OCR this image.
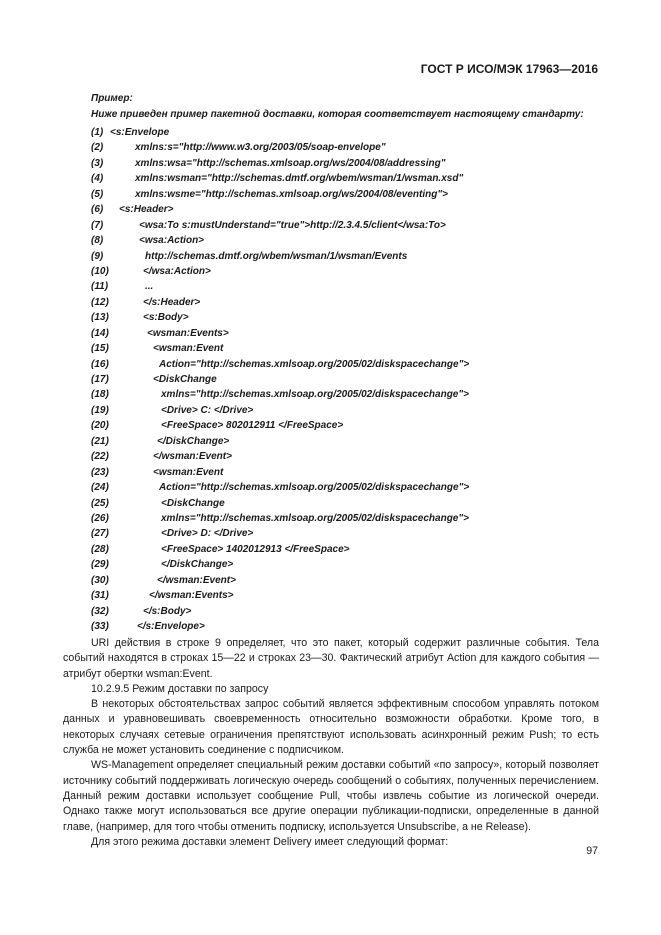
ГОСТ Р ИСО/МЭК 17963—2016
Пример:
Ниже приведен пример пакетной доставки, которая соответствует настоящему стандарту:
(1) <s:Envelope
(2)	xmlns:s="http://www.w3.org/2003/05/soap-envelope"
(3)	xmlns:wsa="http://schemas.xmlsoap.org/ws/2004/08/addressing"
(4)	xmlns:wsman="http://schemas.dmtf.org/wbem/wsman/1/wsman.xsd"
(5)	xmlns:wsme="http://schemas.xmlsoap.org/ws/2004/08/eventing">
(6) <s:Header>
(7)	<wsa:To s:mustUnderstand="true">http://2.3.4.5/client</wsa:To>
(8)	<wsa:Action>
(9)	http://schemas.dmtf.org/wbem/wsman/1/wsman/Events
(10)	</wsa:Action>
(11)	...
(12)	</s:Header>
(13)	<s:Body>
(14)	<wsman:Events>
(15)	<wsman:Event
(16)	Action="http://schemas.xmlsoap.org/2005/02/diskspacechange">
(17)	<DiskChange
(18)	xmlns="http://schemas.xmlsoap.org/2005/02/diskspacechange">
(19)	<Drive> C: </Drive>
(20)	<FreeSpace> 802012911 </FreeSpace>
(21)	</DiskChange>
(22)	</wsman:Event>
(23)	<wsman:Event
(24)	Action="http://schemas.xmlsoap.org/2005/02/diskspacechange">
(25)	<DiskChange
(26)	xmlns="http://schemas.xmlsoap.org/2005/02/diskspacechange">
(27)	<Drive> D: </Drive>
(28)	<FreeSpace> 1402012913 </FreeSpace>
(29)	</DiskChange>
(30)	</wsman:Event>
(31)	</wsman:Events>
(32)	</s:Body>
(33)	</s:Envelope>

URI действия в строке 9 определяет, что это пакет, который содержит различные события. Тела событий находятся в строках 15—22 и строках 23—30. Фактический атрибут Action для каждого события — атрибут обертки wsman:Event.

10.2.9.5 Режим доставки по запросу

В некоторых обстоятельствах запрос событий является эффективным способом управлять потоком данных и уравновешивать своевременность относительно возможности обработки. Кроме того, в некоторых случаях сетевые ограничения препятствуют использовать асинхронный режим Push; то есть служба не может установить соединение с подписчиком.

WS-Management определяет специальный режим доставки событий «по запросу», который позволяет источнику событий поддерживать логическую очередь сообщений о событиях, полученных перечислением. Данный режим доставки использует сообщение Pull, чтобы извлечь событие из логической очереди. Однако также могут использоваться все другие операции публикации-подписки, определенные в данной главе, (например, для того чтобы отменить подписку, используется Unsubscribe, а не Release).

Для этого режима доставки элемент Delivery имеет следующий формат:

97
